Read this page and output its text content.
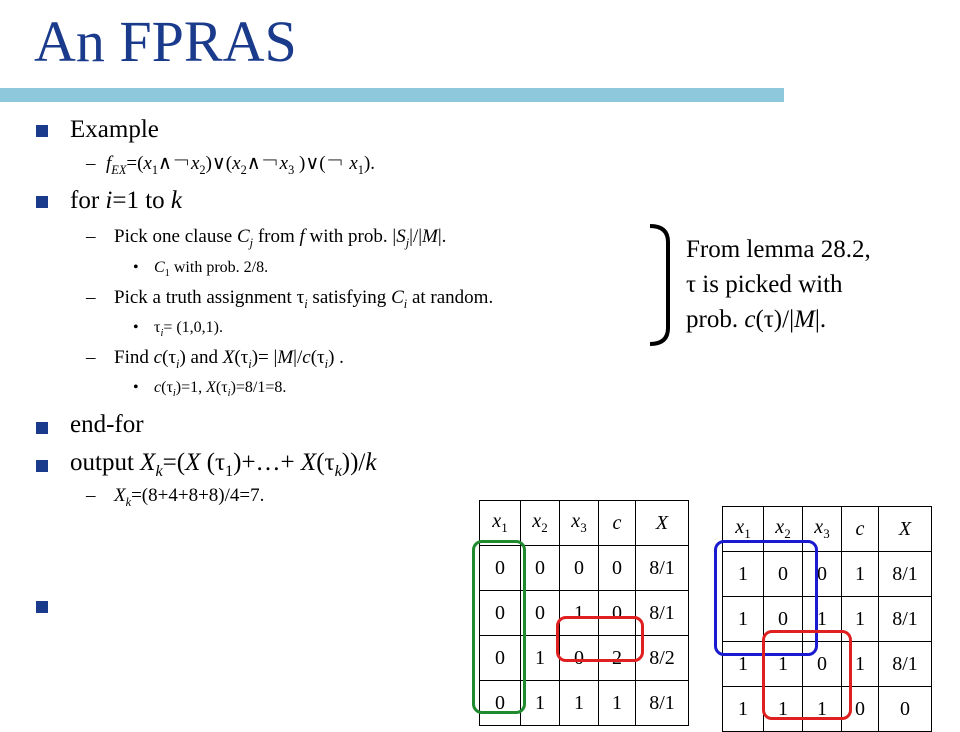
An FPRAS
Example
– $f_{EX}=(x_1\wedge$￢$x_2)\vee(x_2\wedge$￢$x_3$ )∨(￢ $x_1$).
for i=1 to k
– Pick one clause $C_j$ from f with prob. $|S_j|/|M|$.
• $C_1$ with prob. 2/8.
– Pick a truth assignment $\tau_i$ satisfying $C_i$ at random.
• $\tau_i= (1,0,1)$.
– Find $c(\tau_i)$ and $X(\tau_i)= |M|/c(\tau_i)$ .
• $c(\tau_i)=1$, $X(\tau_i)=8/1=8$.
end-for
output $X_k=(X$ $(\tau_1)+\dots+ X(\tau_k))/k$
– $X_k=(8+4+8+8)/4=7$.
From lemma 28.2,
τ is picked with
prob. c(τ)/|M|.
$x_1$	$x_2$	$x_3$	c	X
0	0	0	0	8/1
0	0	1	0	8/1
0	1	0	2	8/2
0	1	1	1	8/1
$x_1$	$x_2$	$x_3$	c	X
1	0	0	1	8/1
1	0	1	1	8/1
1	1	0	1	8/1
1	1	1	0	0
